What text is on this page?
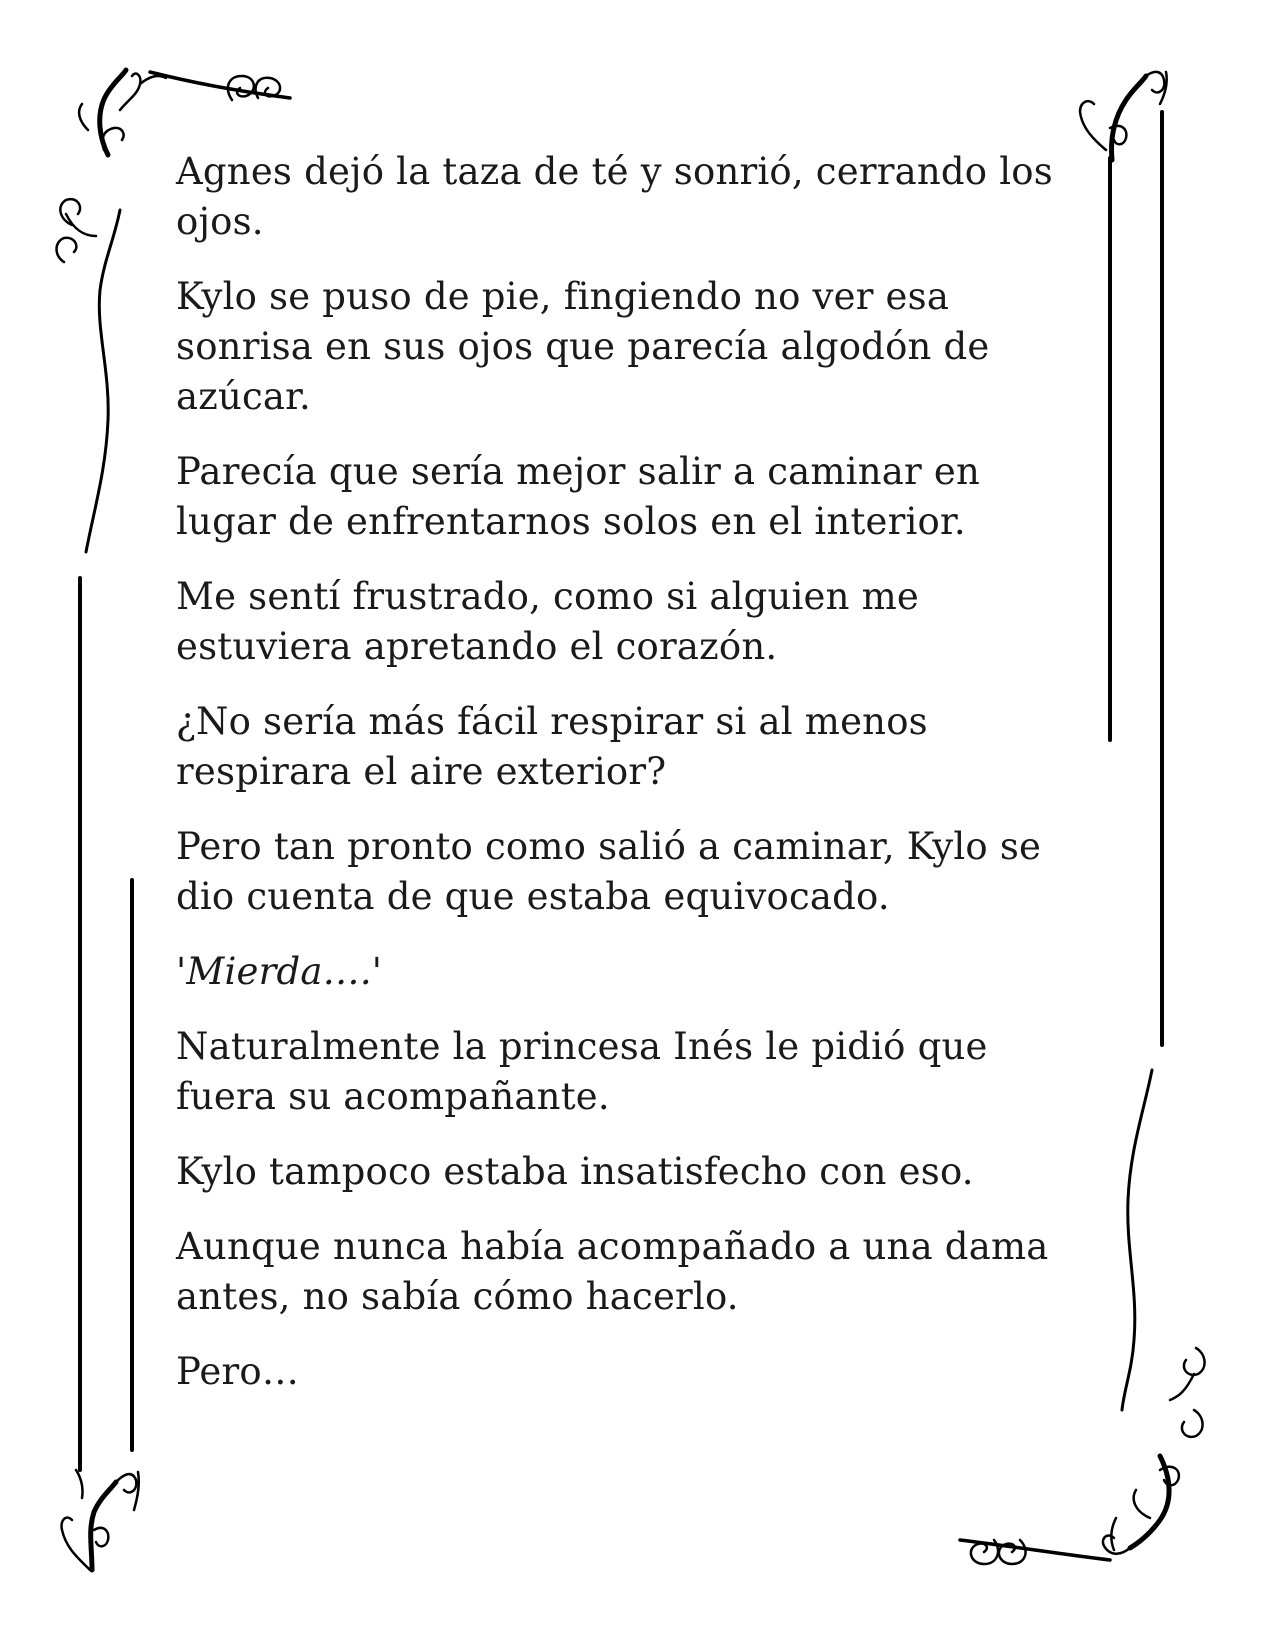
Agnes dejó la taza de té y sonrió, cerrando los ojos.

Kylo se puso de pie, fingiendo no ver esa sonrisa en sus ojos que parecía algodón de azúcar.

Parecía que sería mejor salir a caminar en lugar de enfrentarnos solos en el interior.

Me sentí frustrado, como si alguien me estuviera apretando el corazón.

¿No sería más fácil respirar si al menos respirara el aire exterior?

Pero tan pronto como salió a caminar, Kylo se dio cuenta de que estaba equivocado.

'Mierda….'

Naturalmente la princesa Inés le pidió que fuera su acompañante.

Kylo tampoco estaba insatisfecho con eso.

Aunque nunca había acompañado a una dama antes, no sabía cómo hacerlo.

Pero…
